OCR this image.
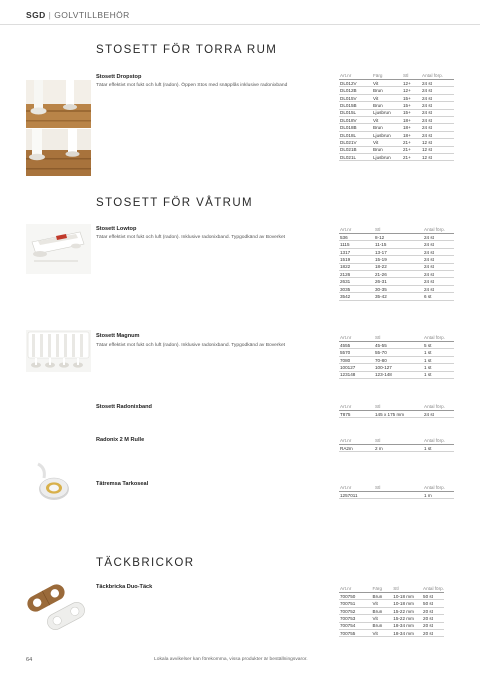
SGD | GOLVTILLBEHÖR
STOSETT FÖR TORRA RUM
Stosett Dropstop
Tätar effektivt mot fukt och luft (radon). Öppen Stos med snäpplås inklusive radonixband
Art.nr	Färg	Stl	Antal förp.
DL012V	Vit	12+	24 st
DL012B	Brun	12+	24 st
DL015V	Vit	15+	24 st
DL015B	Brun	15+	24 st
DL015L	Ljusbrun	15+	24 st
DL018V	Vit	18+	24 st
DL018B	Brun	18+	24 st
DL018L	Ljusbrun	18+	24 st
DL021V	Vit	21+	12 st
DL021B	Brun	21+	12 st
DL021L	Ljusbrun	21+	12 st
STOSETT FÖR VÅTRUM
Stosett Lowtop
Tätar effektivt mot fukt och luft (radon). Inklusive radonixband. Typgodkänd av Boverket
Art.nr	Stl	Antal förp.
536	8-12	24 st
1115	11-15	24 st
1317	13-17	24 st
1519	15-19	24 st
1822	18-22	24 st
2126	21-26	24 st
2631	26-31	24 st
3035	30-35	24 st
3542	35-42	6 st
Stosett Magnum
Tätar effektivt mot fukt och luft (radon). Inklusive radonixband. Typgodkänd av Boverket
Art.nr	Stl	Antal förp.
4555	45-55	5 st
5570	55-70	1 st
7080	70-80	1 st
100127	100-127	1 st
123148	123-148	1 st
Stosett Radonixband	Art.nr	Stl	Antal förp.
T875	145 x 175 mm	24 st
Radonix 2 M Rulle	Art.nr	Stl	Antal förp.
RA2m	2 m	1 st
Tätremsa Tarkoseal
Art.nr	Stl	Antal förp.
1257011		1 m
TÄCKBRICKOR
Täckbricka Duo-Täck	Art.nr	Färg	Stl	Antal förp.
700750	Brun	10-18 mm	50 st
700751	Vit	10-18 mm	50 st
700752	Brun	15-22 mm	20 st
700753	Vit	15-22 mm	20 st
700754	Brun	18-34 mm	20 st
700755	Vit	18-34 mm	20 st
64	Lokala avvikelser kan förekomma, vissa produkter är beställningsvaror.
